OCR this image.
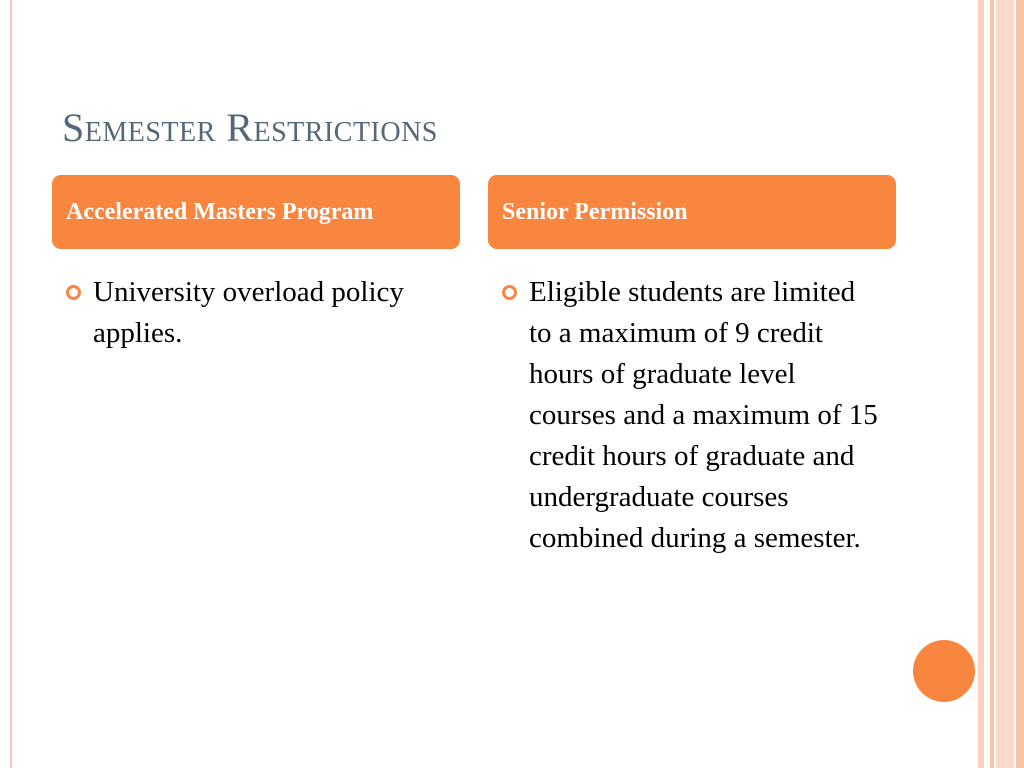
Semester Restrictions
Accelerated Masters Program	Senior Permission
University overload policy applies.
Eligible students are limited to a maximum of 9 credit hours of graduate level courses and a maximum of 15 credit hours of graduate and undergraduate courses combined during a semester.
